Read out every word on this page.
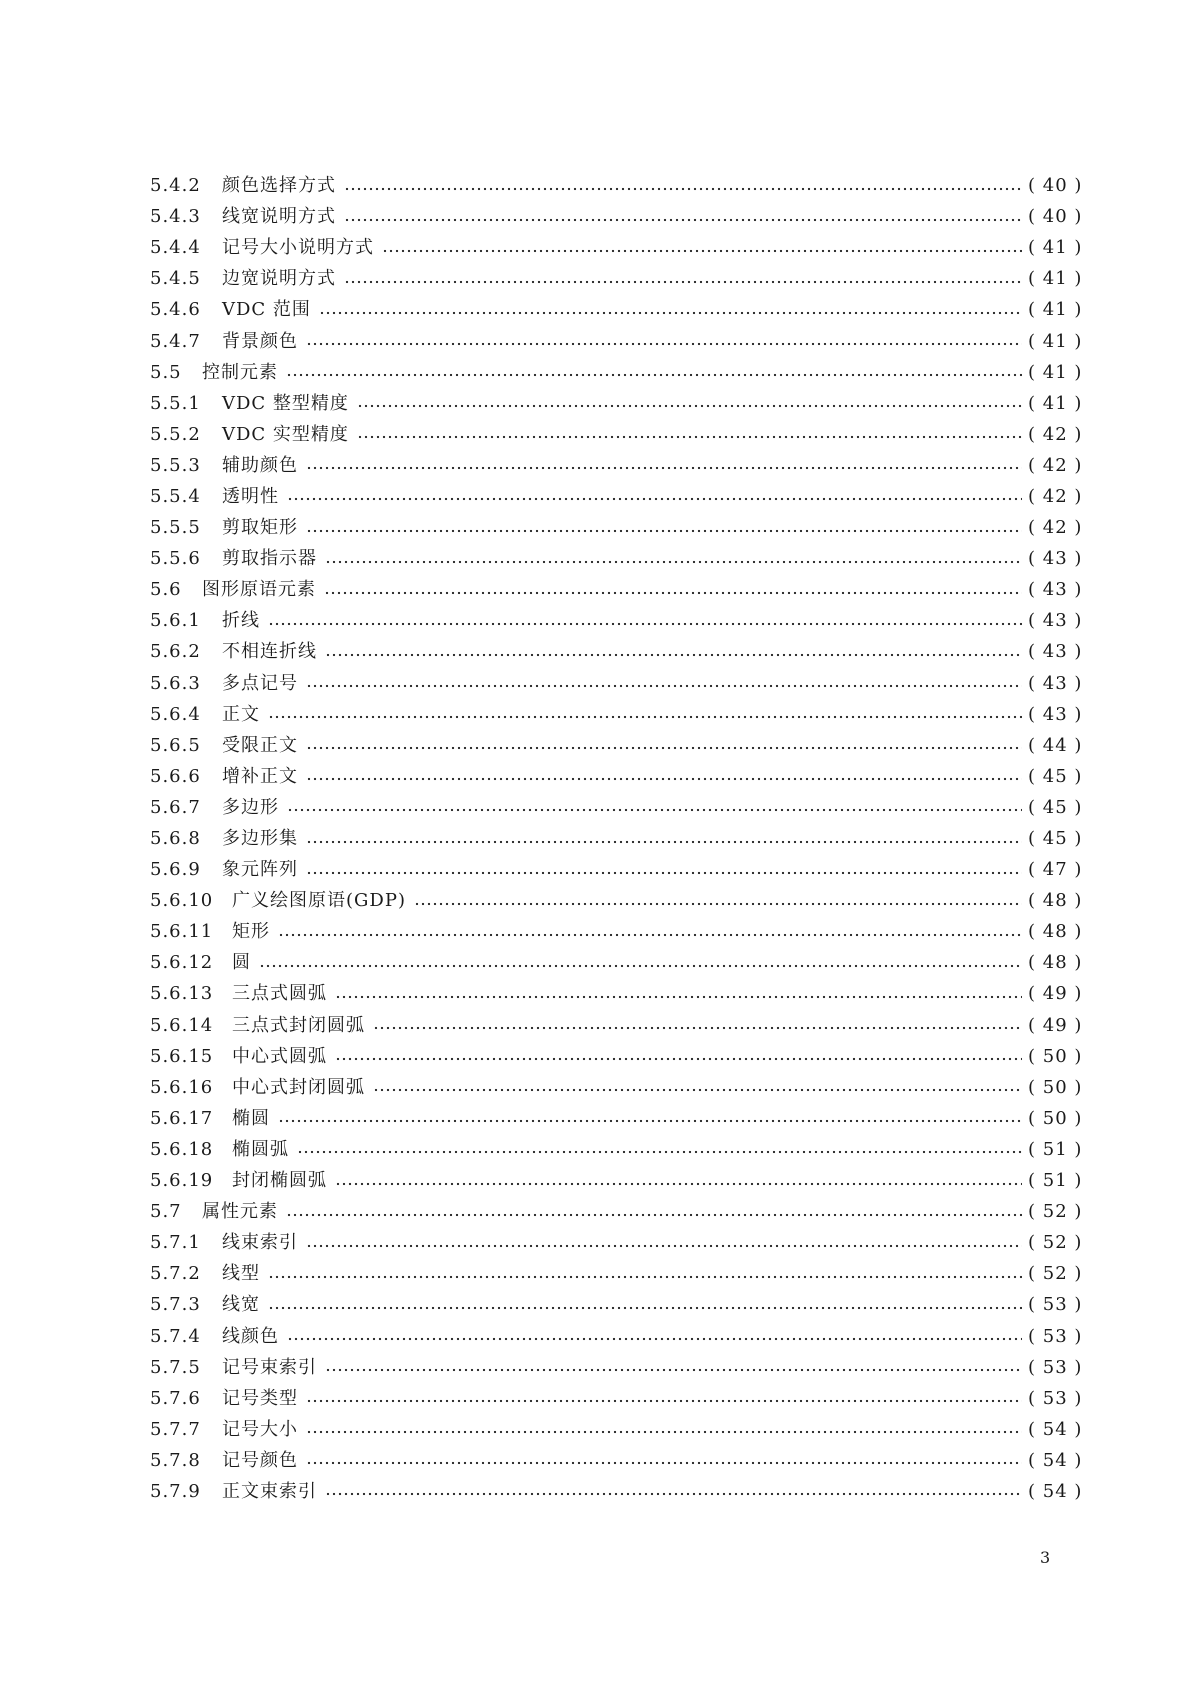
5.4.2	颜色选择方式	( 40 )
5.4.3	线宽说明方式	( 40 )
5.4.4	记号大小说明方式	( 41 )
5.4.5	边宽说明方式	( 41 )
5.4.6	VDC 范围	( 41 )
5.4.7	背景颜色	( 41 )
5.5	控制元素	( 41 )
5.5.1	VDC 整型精度	( 41 )
5.5.2	VDC 实型精度	( 42 )
5.5.3	辅助颜色	( 42 )
5.5.4	透明性	( 42 )
5.5.5	剪取矩形	( 42 )
5.5.6	剪取指示器	( 43 )
5.6	图形原语元素	( 43 )
5.6.1	折线	( 43 )
5.6.2	不相连折线	( 43 )
5.6.3	多点记号	( 43 )
5.6.4	正文	( 43 )
5.6.5	受限正文	( 44 )
5.6.6	增补正文	( 45 )
5.6.7	多边形	( 45 )
5.6.8	多边形集	( 45 )
5.6.9	象元阵列	( 47 )
5.6.10	广义绘图原语(GDP)	( 48 )
5.6.11	矩形	( 48 )
5.6.12	圆	( 48 )
5.6.13	三点式圆弧	( 49 )
5.6.14	三点式封闭圆弧	( 49 )
5.6.15	中心式圆弧	( 50 )
5.6.16	中心式封闭圆弧	( 50 )
5.6.17	椭圆	( 50 )
5.6.18	椭圆弧	( 51 )
5.6.19	封闭椭圆弧	( 51 )
5.7	属性元素	( 52 )
5.7.1	线束索引	( 52 )
5.7.2	线型	( 52 )
5.7.3	线宽	( 53 )
5.7.4	线颜色	( 53 )
5.7.5	记号束索引	( 53 )
5.7.6	记号类型	( 53 )
5.7.7	记号大小	( 54 )
5.7.8	记号颜色	( 54 )
5.7.9	正文束索引	( 54 )
3
